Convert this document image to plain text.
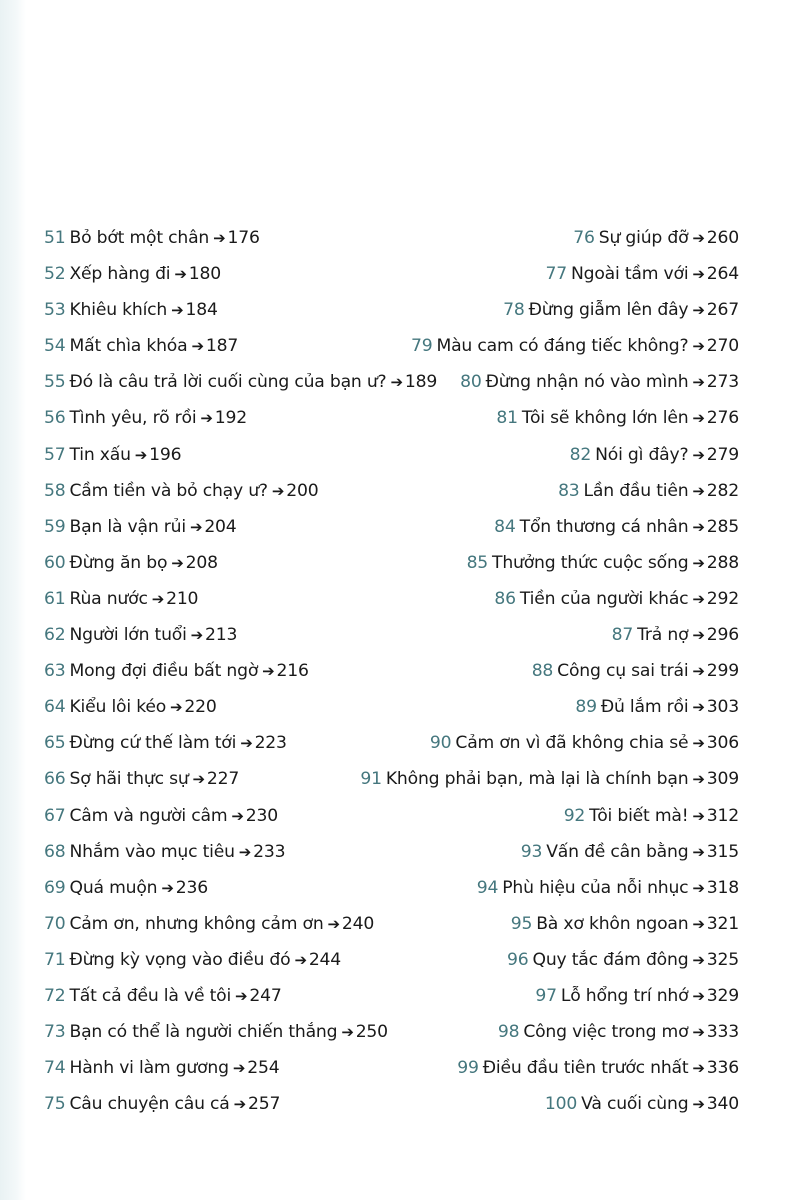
51 Bỏ bớt một chân ➔ 176
52 Xếp hàng đi ➔ 180
53 Khiêu khích ➔ 184
54 Mất chìa khóa ➔ 187
55 Đó là câu trả lời cuối cùng của bạn ư? ➔ 189
56 Tình yêu, rõ rồi ➔ 192
57 Tin xấu ➔ 196
58 Cầm tiền và bỏ chạy ư? ➔ 200
59 Bạn là vận rủi ➔ 204
60 Đừng ăn bọ ➔ 208
61 Rùa nước ➔ 210
62 Người lớn tuổi ➔ 213
63 Mong đợi điều bất ngờ ➔ 216
64 Kiểu lôi kéo ➔ 220
65 Đừng cứ thế làm tới ➔ 223
66 Sợ hãi thực sự ➔ 227
67 Câm và người câm ➔ 230
68 Nhắm vào mục tiêu ➔ 233
69 Quá muộn ➔ 236
70 Cảm ơn, nhưng không cảm ơn ➔ 240
71 Đừng kỳ vọng vào điều đó ➔ 244
72 Tất cả đều là về tôi ➔ 247
73 Bạn có thể là người chiến thắng ➔ 250
74 Hành vi làm gương ➔ 254
75 Câu chuyện câu cá ➔ 257
76 Sự giúp đỡ ➔ 260
77 Ngoài tầm với ➔ 264
78 Đừng giẫm lên đây ➔ 267
79 Màu cam có đáng tiếc không? ➔ 270
80 Đừng nhận nó vào mình ➔ 273
81 Tôi sẽ không lớn lên ➔ 276
82 Nói gì đây? ➔ 279
83 Lần đầu tiên ➔ 282
84 Tổn thương cá nhân ➔ 285
85 Thưởng thức cuộc sống ➔ 288
86 Tiền của người khác ➔ 292
87 Trả nợ ➔ 296
88 Công cụ sai trái ➔ 299
89 Đủ lắm rồi ➔ 303
90 Cảm ơn vì đã không chia sẻ ➔ 306
91 Không phải bạn, mà lại là chính bạn ➔ 309
92 Tôi biết mà! ➔ 312
93 Vấn đề cân bằng ➔ 315
94 Phù hiệu của nỗi nhục ➔ 318
95 Bà xơ khôn ngoan ➔ 321
96 Quy tắc đám đông ➔ 325
97 Lỗ hổng trí nhớ ➔ 329
98 Công việc trong mơ ➔ 333
99 Điều đầu tiên trước nhất ➔ 336
100 Và cuối cùng ➔ 340
